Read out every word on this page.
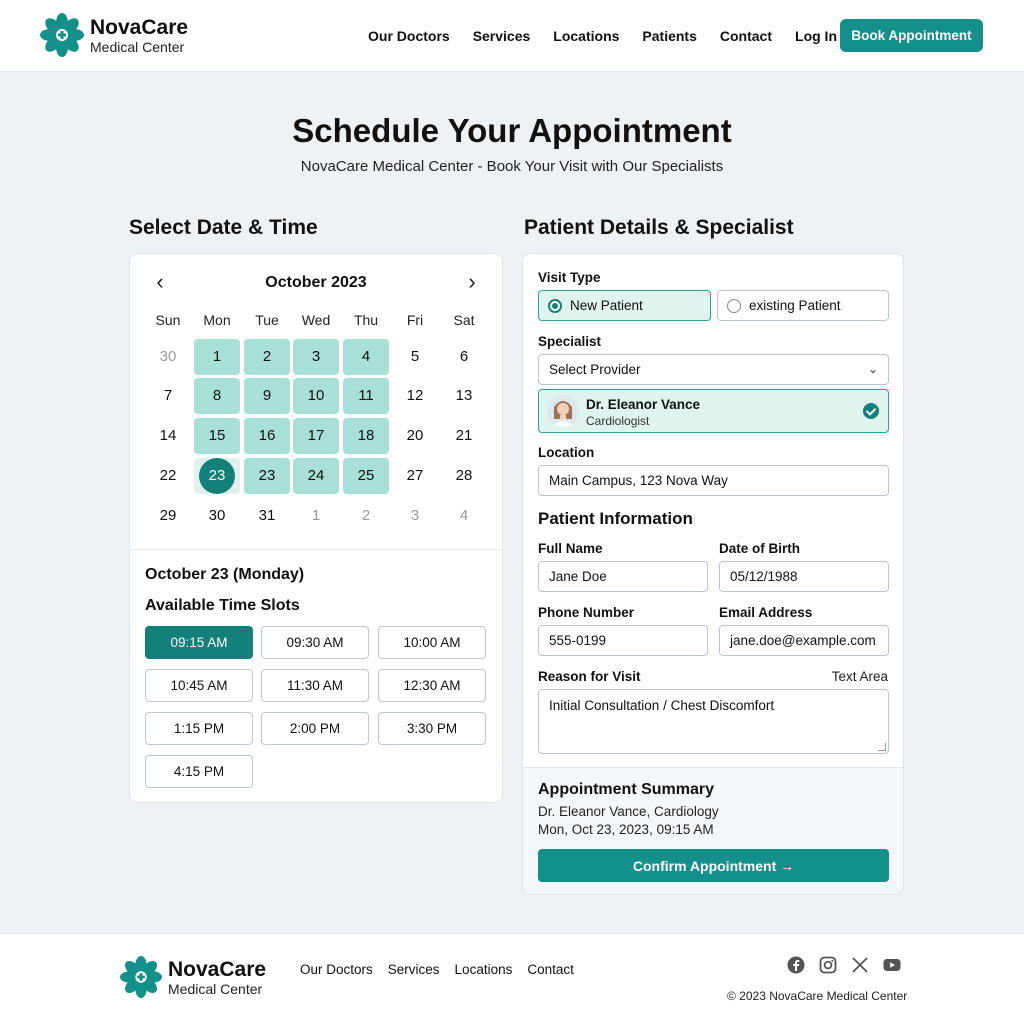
NovaCare
Medical Center
Our Doctors Services Locations Patients Contact Log In	Book Appointment
Schedule Your Appointment

NovaCare Medical Center - Book Your Visit with Our Specialists

Select Date & Time
‹	October 2023	›
Sun	Mon	Tue	Wed	Thu	Fri	Sat
30	1	2	3	4	5	6
7	8	9	10	11	12	13
14	15	16	17	18	20	21
22	23	23	24	25	27	28
29	30	31	1	2	3	4
October 23 (Monday)
Available Time Slots
09:15 AM	09:30 AM	10:00 AM
10:45 AM	11:30 AM	12:30 AM
1:15 PM	2:00 PM	3:30 PM
4:15 PM
Patient Details & Specialist
Visit Type
New Patient	existing Patient
Specialist
Select Provider	⌄
Dr. Eleanor Vance
Cardiologist
Location
Main Campus, 123 Nova Way
Patient Information
Full Name
Jane Doe
Date of Birth
05/12/1988
Phone Number
555-0199
Email Address
jane.doe@example.com
Reason for Visit	Text Area
Initial Consultation / Chest Discomfort
Appointment Summary
Dr. Eleanor Vance, Cardiology
Mon, Oct 23, 2023, 09:15 AM
Confirm Appointment →
NovaCare
Medical Center
Our Doctors Services Locations Contact
© 2023 NovaCare Medical Center
